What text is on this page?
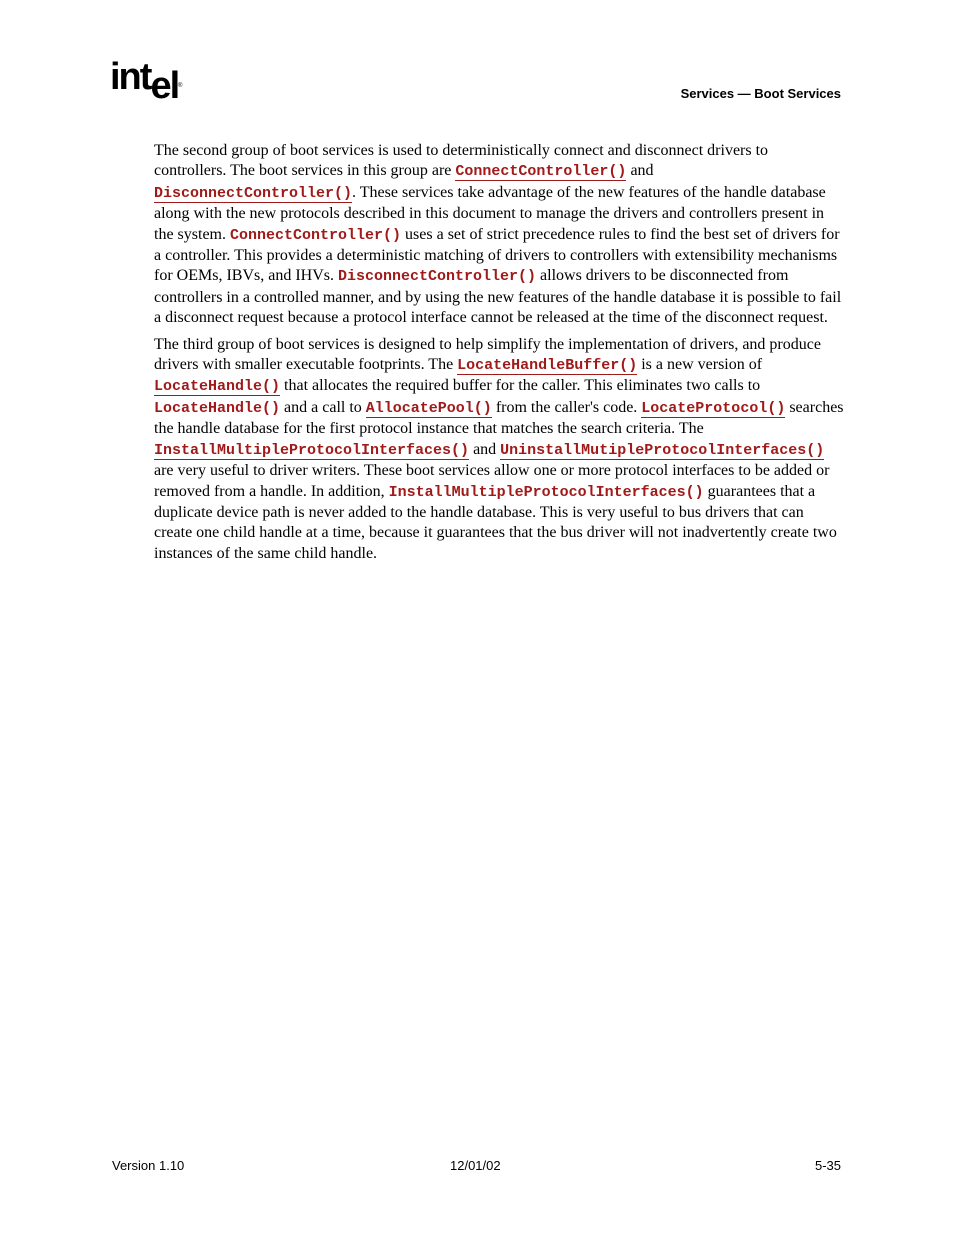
intel ®	Services — Boot Services

The second group of boot services is used to deterministically connect and disconnect drivers to controllers. The boot services in this group are ConnectController() and DisconnectController(). These services take advantage of the new features of the handle database along with the new protocols described in this document to manage the drivers and controllers present in the system. ConnectController() uses a set of strict precedence rules to find the best set of drivers for a controller. This provides a deterministic matching of drivers to controllers with extensibility mechanisms for OEMs, IBVs, and IHVs. DisconnectController() allows drivers to be disconnected from controllers in a controlled manner, and by using the new features of the handle database it is possible to fail a disconnect request because a protocol interface cannot be released at the time of the disconnect request.

The third group of boot services is designed to help simplify the implementation of drivers, and produce drivers with smaller executable footprints. The LocateHandleBuffer() is a new version of LocateHandle() that allocates the required buffer for the caller. This eliminates two calls to LocateHandle() and a call to AllocatePool() from the caller's code. LocateProtocol() searches the handle database for the first protocol instance that matches the search criteria. The InstallMultipleProtocolInterfaces() and UninstallMutipleProtocolInterfaces() are very useful to driver writers. These boot services allow one or more protocol interfaces to be added or removed from a handle. In addition, InstallMultipleProtocolInterfaces() guarantees that a duplicate device path is never added to the handle database. This is very useful to bus drivers that can create one child handle at a time, because it guarantees that the bus driver will not inadvertently create two instances of the same child handle.

Version 1.10	12/01/02	5-35
